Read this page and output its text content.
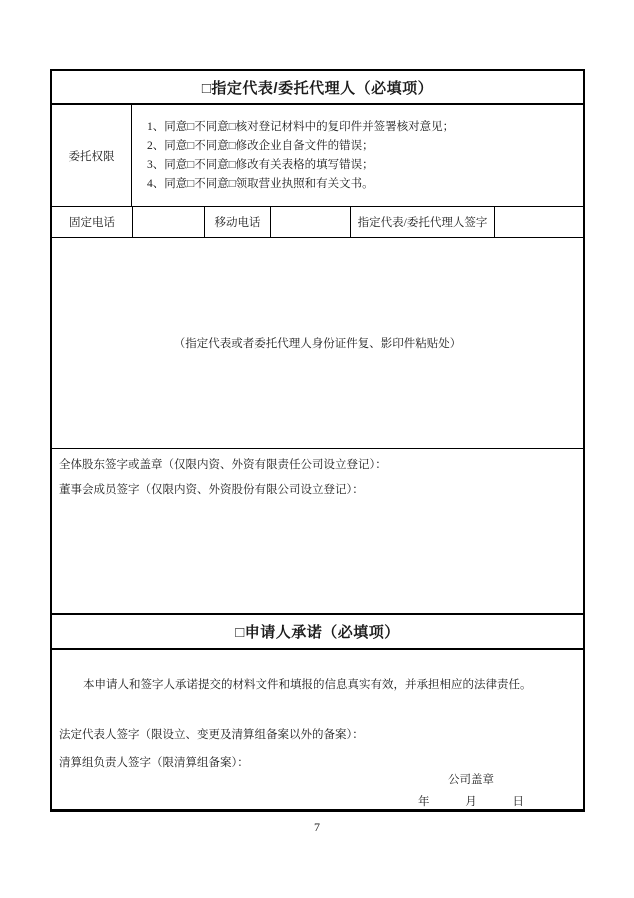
□指定代表/委托代理人（必填项）
委托权限
1、同意□不同意□核对登记材料中的复印件并签署核对意见；
2、同意□不同意□修改企业自备文件的错误；
3、同意□不同意□修改有关表格的填写错误；
4、同意□不同意□领取营业执照和有关文书。
固定电话	移动电话	指定代表/委托代理人签字
（指定代表或者委托代理人身份证件复、影印件粘贴处）
全体股东签字或盖章（仅限内资、外资有限责任公司设立登记）：
董事会成员签字（仅限内资、外资股份有限公司设立登记）：
□申请人承诺（必填项）

本申请人和签字人承诺提交的材料文件和填报的信息真实有效，并承担相应的法律责任。

法定代表人签字（限设立、变更及清算组备案以外的备案）：
清算组负责人签字（限清算组备案）：
公司盖章
年	月	日
7
